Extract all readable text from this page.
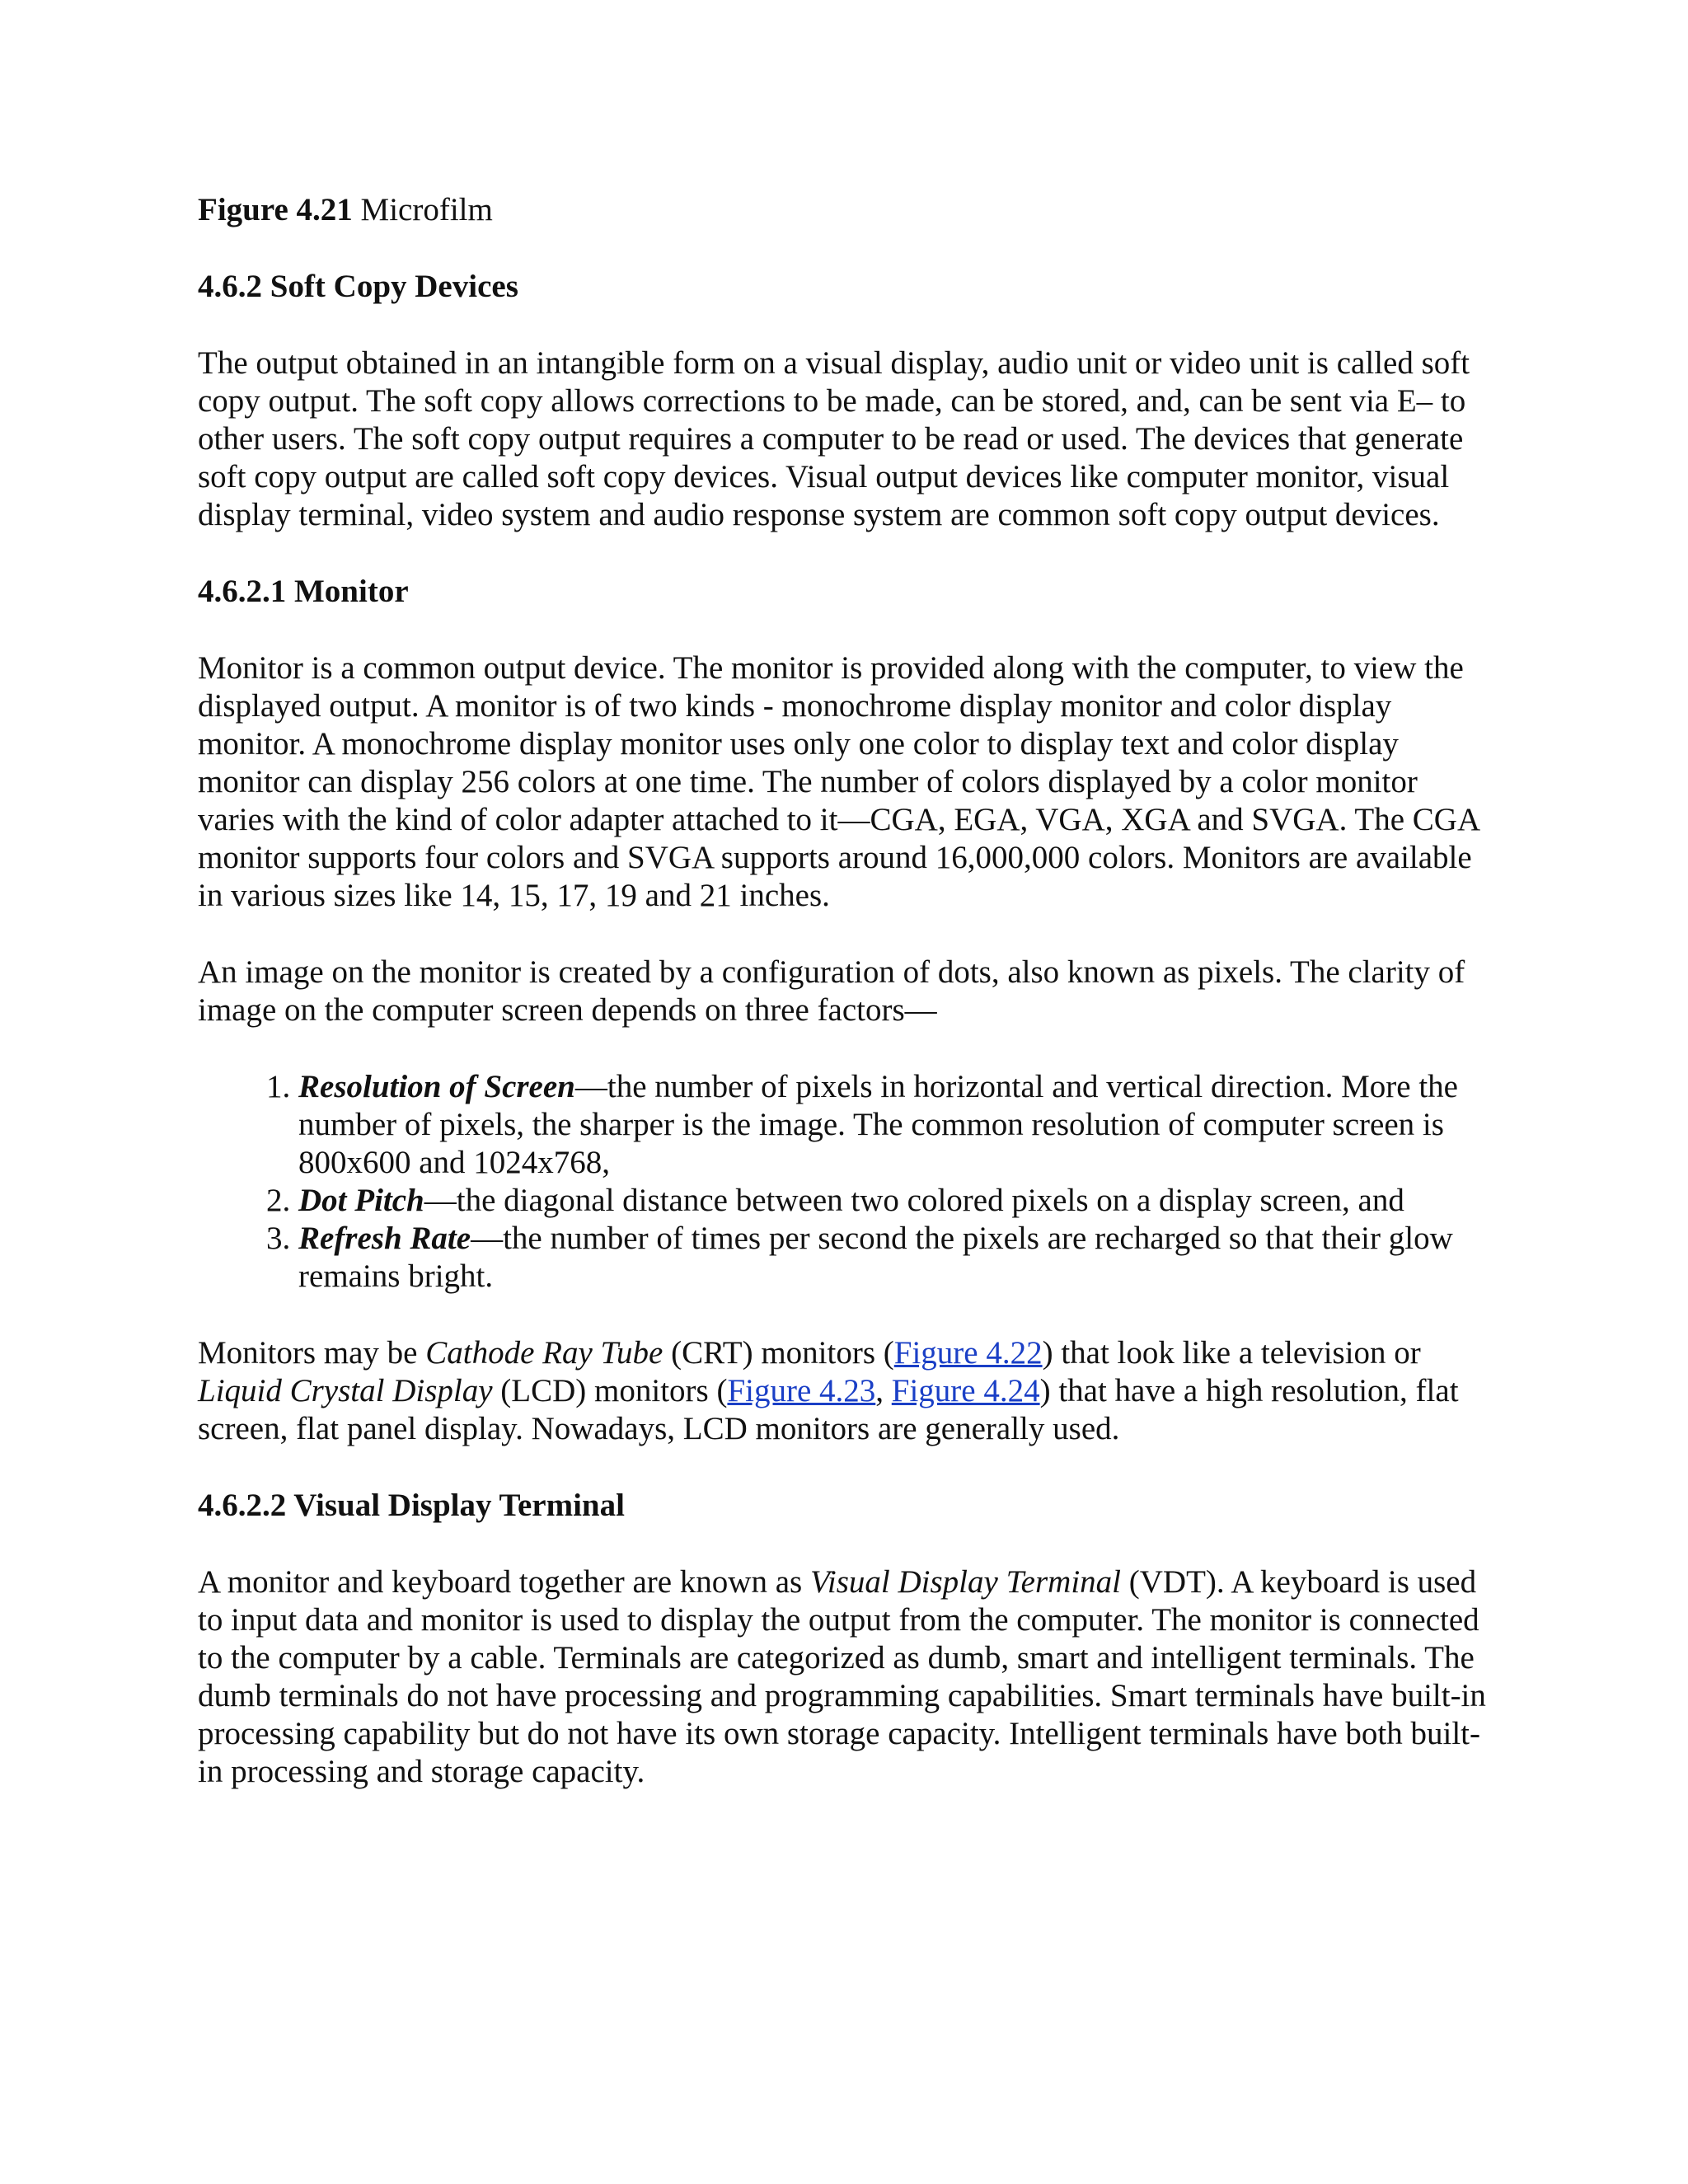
Figure 4.21 Microfilm

4.6.2 Soft Copy Devices

The output obtained in an intangible form on a visual display, audio unit or video unit is called soft copy output. The soft copy allows corrections to be made, can be stored, and, can be sent via E– to other users. The soft copy output requires a computer to be read or used. The devices that generate soft copy output are called soft copy devices. Visual output devices like computer monitor, visual display terminal, video system and audio response system are common soft copy output devices.

4.6.2.1 Monitor

Monitor is a common output device. The monitor is provided along with the computer, to view the displayed output. A monitor is of two kinds - monochrome display monitor and color display monitor. A monochrome display monitor uses only one color to display text and color display monitor can display 256 colors at one time. The number of colors displayed by a color monitor varies with the kind of color adapter attached to it—CGA, EGA, VGA, XGA and SVGA. The CGA monitor supports four colors and SVGA supports around 16,000,000 colors. Monitors are available in various sizes like 14, 15, 17, 19 and 21 inches.

An image on the monitor is created by a configuration of dots, also known as pixels. The clarity of image on the computer screen depends on three factors—

1. Resolution of Screen—the number of pixels in horizontal and vertical direction. More the number of pixels, the sharper is the image. The common resolution of computer screen is 800x600 and 1024x768,
2. Dot Pitch—the diagonal distance between two colored pixels on a display screen, and
3. Refresh Rate—the number of times per second the pixels are recharged so that their glow remains bright.

Monitors may be Cathode Ray Tube (CRT) monitors (Figure 4.22) that look like a television or Liquid Crystal Display (LCD) monitors (Figure 4.23, Figure 4.24) that have a high resolution, flat screen, flat panel display. Nowadays, LCD monitors are generally used.

4.6.2.2 Visual Display Terminal

A monitor and keyboard together are known as Visual Display Terminal (VDT). A keyboard is used to input data and monitor is used to display the output from the computer. The monitor is connected to the computer by a cable. Terminals are categorized as dumb, smart and intelligent terminals. The dumb terminals do not have processing and programming capabilities. Smart terminals have built-in processing capability but do not have its own storage capacity. Intelligent terminals have both built-in processing and storage capacity.
